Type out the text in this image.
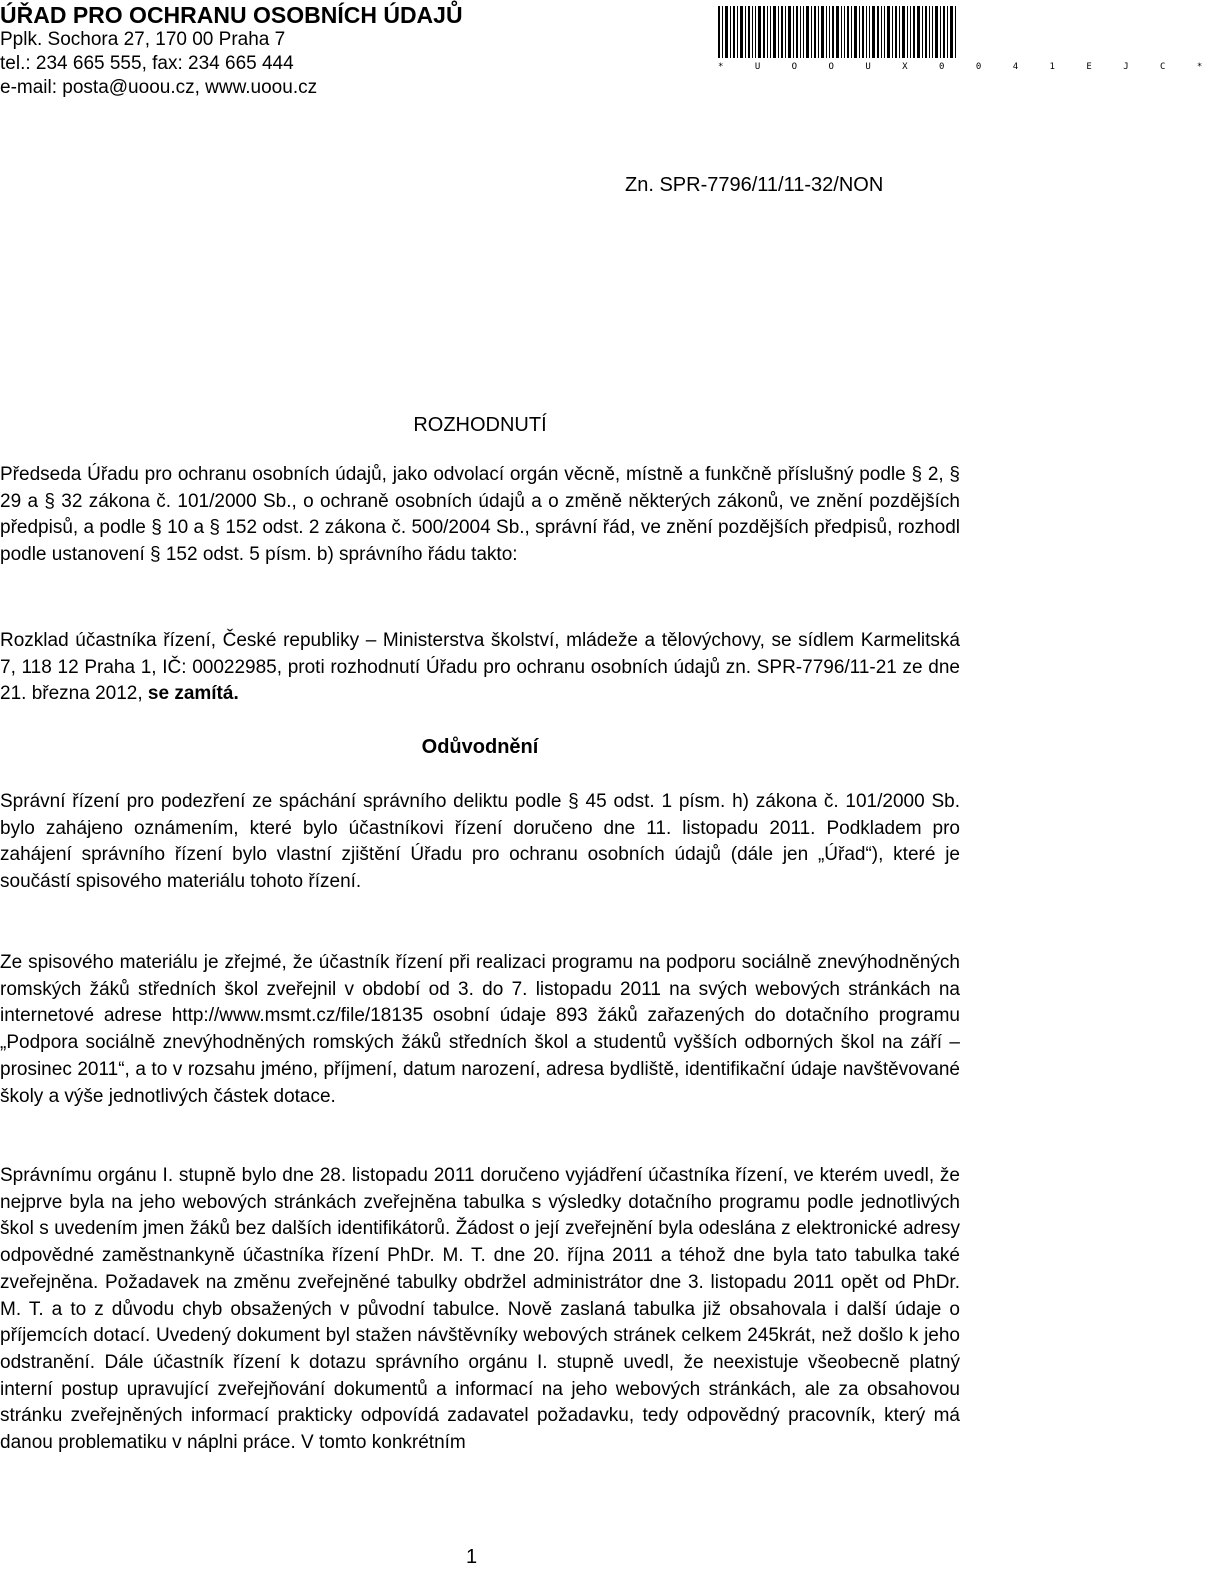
ÚŘAD PRO OCHRANU OSOBNÍCH ÚDAJŮ
Pplk. Sochora 27, 170 00 Praha 7
tel.: 234 665 555, fax: 234 665 444
e-mail: posta@uoou.cz, www.uoou.cz
* U O O U X 0 0 4 1 E J C *
Zn. SPR-7796/11/11-32/NON
ROZHODNUTÍ
Předseda Úřadu pro ochranu osobních údajů, jako odvolací orgán věcně, místně a funkčně příslušný podle § 2, § 29 a § 32 zákona č. 101/2000 Sb., o ochraně osobních údajů a o změně některých zákonů, ve znění pozdějších předpisů, a podle § 10 a § 152 odst. 2 zákona č. 500/2004 Sb., správní řád, ve znění pozdějších předpisů, rozhodl podle ustanovení § 152 odst. 5 písm. b) správního řádu takto:
Rozklad účastníka řízení, České republiky – Ministerstva školství, mládeže a tělovýchovy, se sídlem Karmelitská 7, 118 12 Praha 1, IČ: 00022985, proti rozhodnutí Úřadu pro ochranu osobních údajů zn. SPR-7796/11-21 ze dne 21. března 2012, se zamítá.
Odůvodnění
Správní řízení pro podezření ze spáchání správního deliktu podle § 45 odst. 1 písm. h) zákona č. 101/2000 Sb. bylo zahájeno oznámením, které bylo účastníkovi řízení doručeno dne 11. listopadu 2011. Podkladem pro zahájení správního řízení bylo vlastní zjištění Úřadu pro ochranu osobních údajů (dále jen „Úřad“), které je součástí spisového materiálu tohoto řízení.
Ze spisového materiálu je zřejmé, že účastník řízení při realizaci programu na podporu sociálně znevýhodněných romských žáků středních škol zveřejnil v období od 3. do 7. listopadu 2011 na svých webových stránkách na internetové adrese http://www.msmt.cz/file/18135 osobní údaje 893 žáků zařazených do dotačního programu „Podpora sociálně znevýhodněných romských žáků středních škol a studentů vyšších odborných škol na září – prosinec 2011“, a to v rozsahu jméno, příjmení, datum narození, adresa bydliště, identifikační údaje navštěvované školy a výše jednotlivých částek dotace.
Správnímu orgánu I. stupně bylo dne 28. listopadu 2011 doručeno vyjádření účastníka řízení, ve kterém uvedl, že nejprve byla na jeho webových stránkách zveřejněna tabulka s výsledky dotačního programu podle jednotlivých škol s uvedením jmen žáků bez dalších identifikátorů. Žádost o její zveřejnění byla odeslána z elektronické adresy odpovědné zaměstnankyně účastníka řízení PhDr. M. T. dne 20. října 2011 a téhož dne byla tato tabulka také zveřejněna. Požadavek na změnu zveřejněné tabulky obdržel administrátor dne 3. listopadu 2011 opět od PhDr. M. T. a to z důvodu chyb obsažených v původní tabulce. Nově zaslaná tabulka již obsahovala i další údaje o příjemcích dotací. Uvedený dokument byl stažen návštěvníky webových stránek celkem 245krát, než došlo k jeho odstranění. Dále účastník řízení k dotazu správního orgánu I. stupně uvedl, že neexistuje všeobecně platný interní postup upravující zveřejňování dokumentů a informací na jeho webových stránkách, ale za obsahovou stránku zveřejněných informací prakticky odpovídá zadavatel požadavku, tedy odpovědný pracovník, který má danou problematiku v náplni práce. V tomto konkrétním
1
